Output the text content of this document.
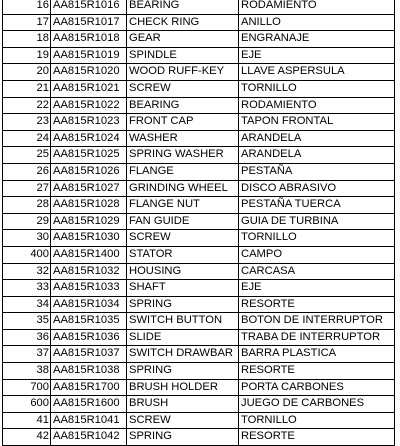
16	AA815R1016	BEARING	RODAMIENTO
17	AA815R1017	CHECK RING	ANILLO
18	AA815R1018	GEAR	ENGRANAJE
19	AA815R1019	SPINDLE	EJE
20	AA815R1020	WOOD RUFF-KEY	LLAVE ASPERSULA
21	AA815R1021	SCREW	TORNILLO
22	AA815R1022	BEARING	RODAMIENTO
23	AA815R1023	FRONT CAP	TAPON FRONTAL
24	AA815R1024	WASHER	ARANDELA
25	AA815R1025	SPRING WASHER	ARANDELA
26	AA815R1026	FLANGE	PESTAÑA
27	AA815R1027	GRINDING WHEEL	DISCO ABRASIVO
28	AA815R1028	FLANGE NUT	PESTAÑA TUERCA
29	AA815R1029	FAN GUIDE	GUIA DE TURBINA
30	AA815R1030	SCREW	TORNILLO
400	AA815R1400	STATOR	CAMPO
32	AA815R1032	HOUSING	CARCASA
33	AA815R1033	SHAFT	EJE
34	AA815R1034	SPRING	RESORTE
35	AA815R1035	SWITCH BUTTON	BOTON DE INTERRUPTOR
36	AA815R1036	SLIDE	TRABA DE INTERRUPTOR
37	AA815R1037	SWITCH DRAWBAR	BARRA PLASTICA
38	AA815R1038	SPRING	RESORTE
700	AA815R1700	BRUSH HOLDER	PORTA CARBONES
600	AA815R1600	BRUSH	JUEGO DE CARBONES
41	AA815R1041	SCREW	TORNILLO
42	AA815R1042	SPRING	RESORTE
